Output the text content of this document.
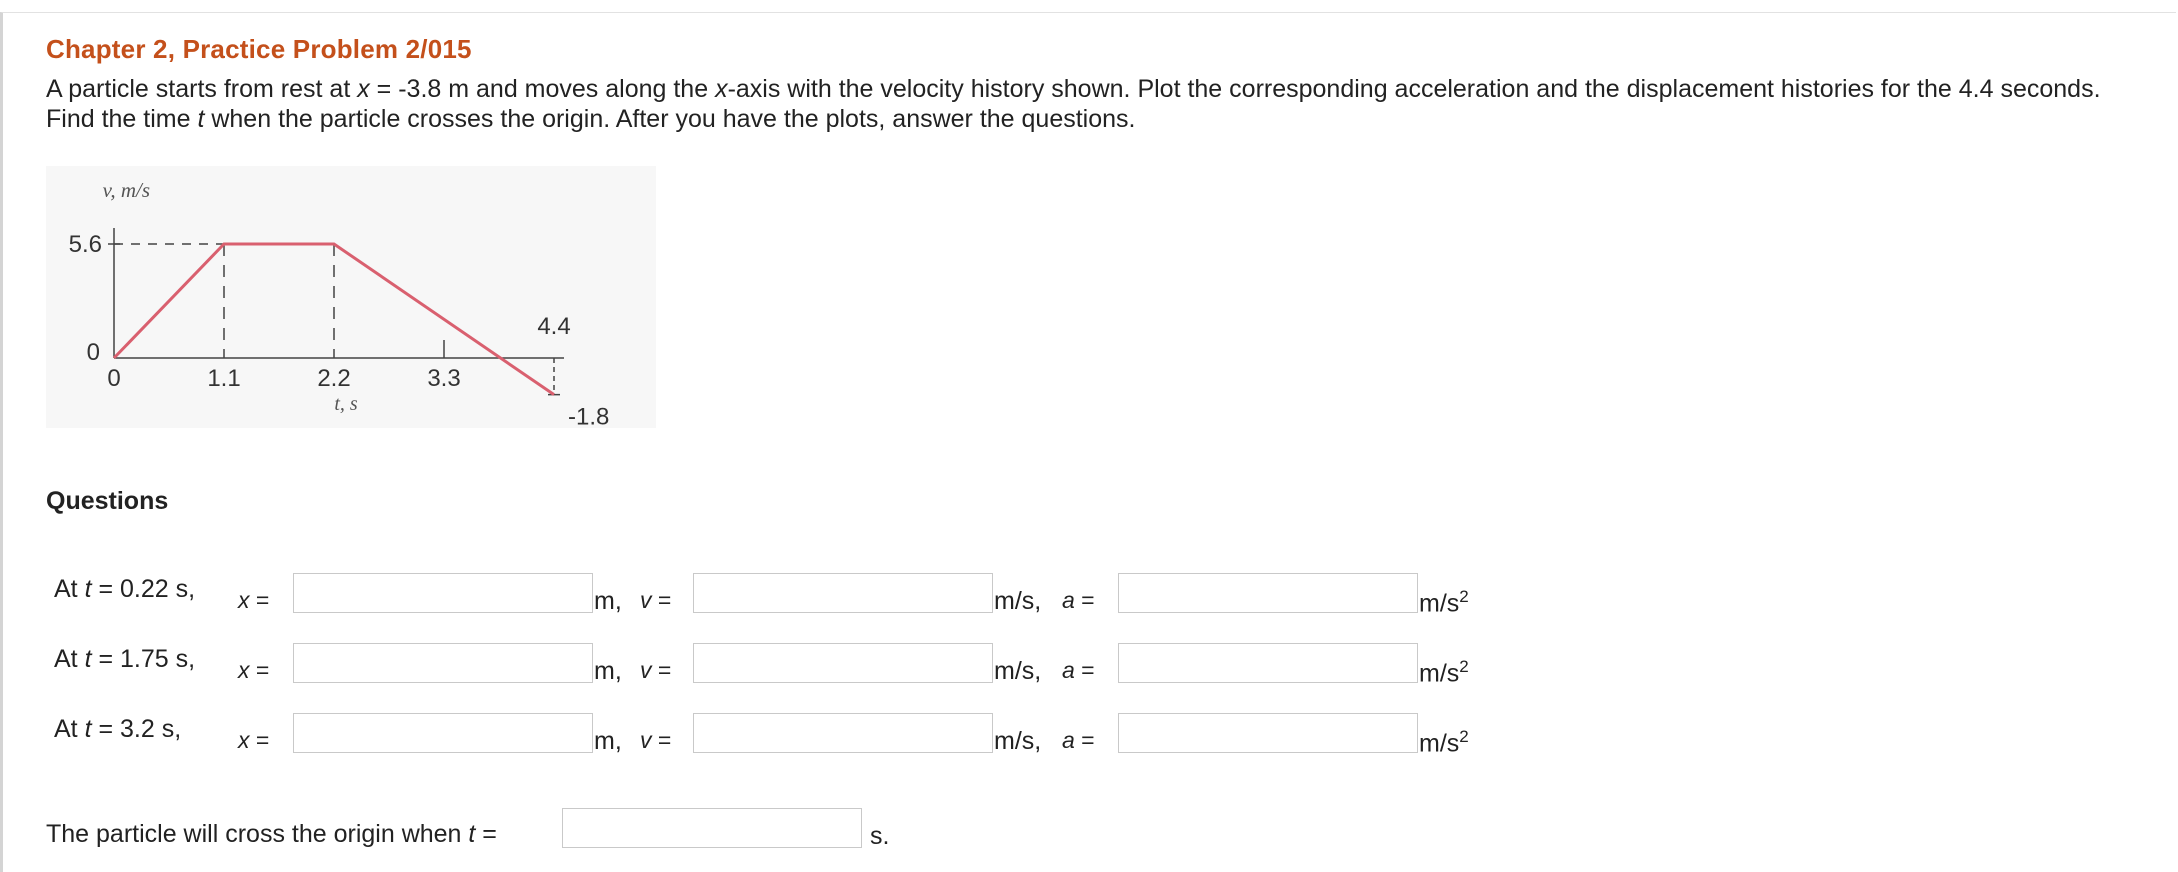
Chapter 2, Practice Problem 2/015

A particle starts from rest at x = -3.8 m and moves along the x-axis with the velocity history shown. Plot the corresponding acceleration and the displacement histories for the 4.4 seconds. Find the time t when the particle crosses the origin. After you have the plots, answer the questions.

v, m/s
5.6
0
0	1.1	2.2	3.3
4.4
-1.8
t, s
Questions
At t = 0.22 s, x =	m, v =	m/s, a =	$m/s^2$
At t = 1.75 s, x =	m, v =	m/s, a =	$m/s^2$
At t = 3.2 s, x =	m, v =	m/s, a =	$m/s^2$
The particle will cross the origin when t =	s.
